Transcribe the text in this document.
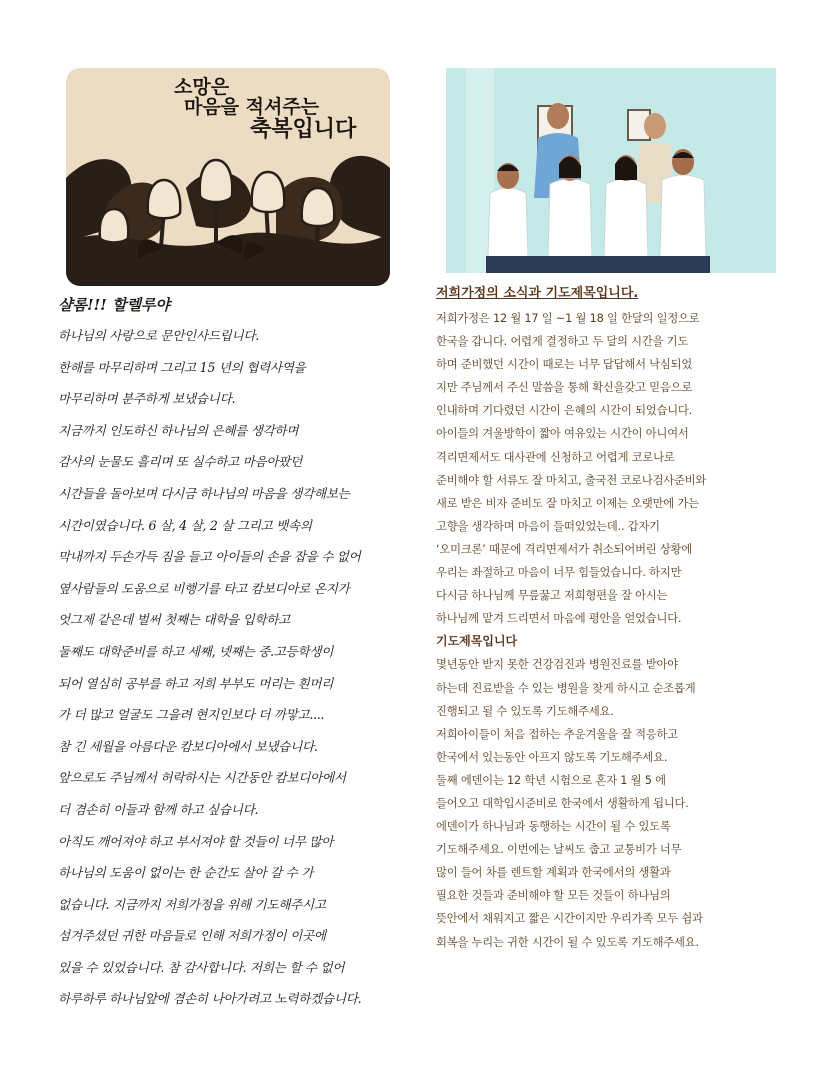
소망은
마음을 적셔주는
축복입니다
샬롬!!! 할렐루야
하나님의 사랑으로 문안인사드립니다.
한해를 마무리하며 그리고 15 년의 협력사역을
마무리하며 분주하게 보냈습니다.
지금까지 인도하신 하나님의 은혜를 생각하며
감사의 눈물도 흘리며 또 실수하고 마음아팠던
시간들을 돌아보며 다시금 하나님의 마음을 생각해보는
시간이였습니다. 6 살, 4 살, 2 살 그리고 뱃속의
막내까지 두손가득 짐을 들고 아이들의 손을 잡을 수 없어
옆사람들의 도움으로 비행기를 타고 캄보디아로 온지가
엇그제 같은데 벌써 첫째는 대학을 입학하고
둘째도 대학준비를 하고 세째, 넷째는 중.고등학생이
되어 열심히 공부를 하고 저희 부부도 머리는 흰머리
가 더 많고 얼굴도 그을려 현지인보다 더 까맣고....
참 긴 세월을 아름다운 캄보디아에서 보냈습니다.
앞으로도 주님께서 허락하시는 시간동안 캄보디아에서
더 겸손히 이들과 함께 하고 싶습니다.
아직도 깨어져야 하고 부서져야 할 것들이 너무 많아
하나님의 도움이 없이는 한 순간도 살아 갈 수 가
없습니다. 지금까지 저희가정을 위해 기도해주시고
섬겨주셨던 귀한 마음들로 인해 저희가정이 이곳에
있을 수 있었습니다. 참 감사합니다. 저희는 할 수 없어
하루하루 하나님앞에 겸손히 나아가려고 노력하겠습니다.
저희가정의 소식과 기도제목입니다.
저희가정은 12 월 17 일 ~1 월 18 일 한달의 일정으로
한국을 갑니다. 어렵게 결정하고 두 달의 시간을 기도
하며 준비했던 시간이 때로는 너무 답답해서 낙심되었
지만 주님께서 주신 말씀을 통해 확신을갖고 믿음으로
인내하며 기다렸던 시간이 은혜의 시간이 되었습니다.
아이들의 겨울방학이 짧아 여유있는 시간이 아니여서
격리면제서도 대사관에 신청하고 어렵게 코로나로
준비해야 할 서류도 잘 마치고, 출국전 코로나검사준비와
새로 받은 비자 준비도 잘 마치고 이제는 오랫만에 가는
고향을 생각하며 마음이 들떠있었는데.. 갑자기
‘오미크론’ 때문에 격리면제서가 취소되어버린 상황에
우리는 좌절하고 마음이 너무 힘들었습니다. 하지만
다시금 하나님께 무릎꿇고 저희형편을 잘 아시는
하나님께 맡겨 드리면서 마음에 평안을 얻었습니다.
기도제목입니다
몇년동안 받지 못한 건강검진과 병원진료를 받아야
하는데 진료받을 수 있는 병원을 찾게 하시고 순조롭게
진행되고 될 수 있도록 기도해주세요.
저희아이들이 처음 접하는 추운겨울을 잘 적응하고
한국에서 있는동안 아프지 않도록 기도해주세요.
둘째 에덴이는 12 학년 시험으로 혼자 1 월 5 에
들어오고 대학입시준비로 한국에서 생활하게 됩니다.
에덴이가 하나님과 동행하는 시간이 될 수 있도록
기도해주세요. 이번에는 날씨도 춥고 교통비가 너무
많이 들어 차를 렌트할 계획과 한국에서의 생활과
필요한 것들과 준비해야 할 모든 것들이 하나님의
뜻안에서 채워지고 짧은 시간이지만 우리가족 모두 쉼과
회복을 누리는 귀한 시간이 될 수 있도록 기도해주세요.
